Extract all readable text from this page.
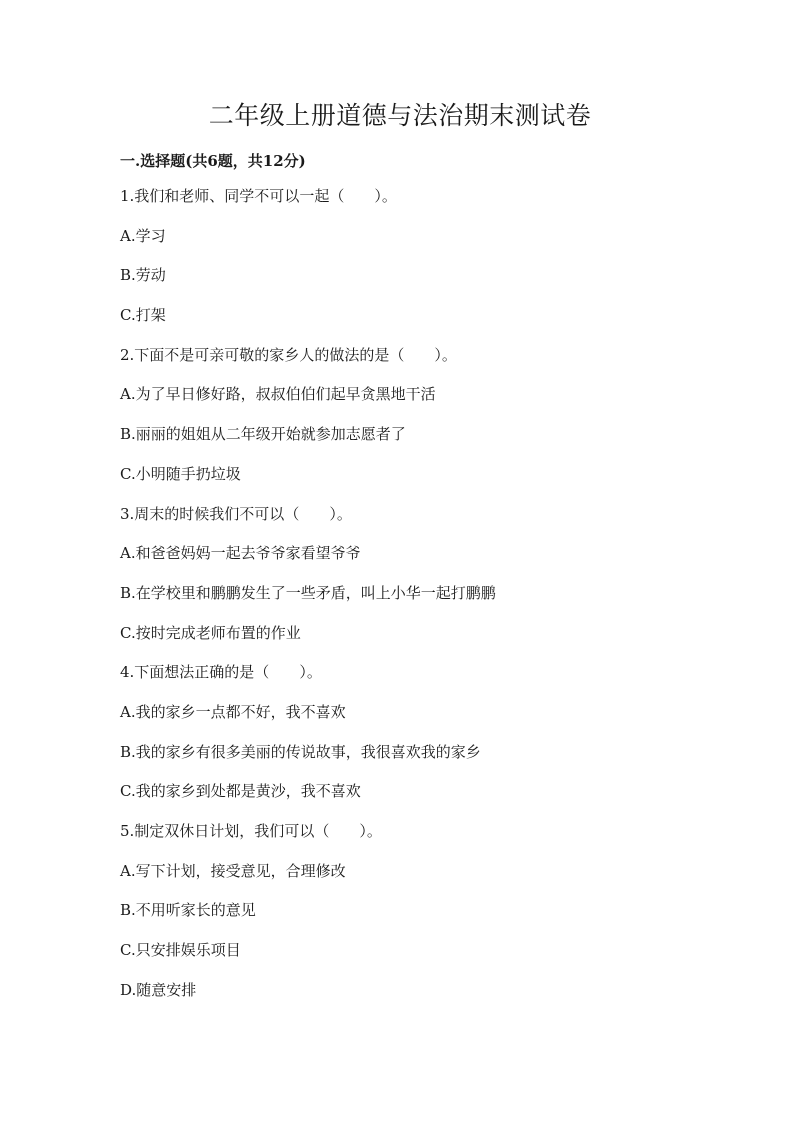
二年级上册道德与法治期末测试卷
一.选择题(共6题，共12分)
1.我们和老师、同学不可以一起（　　）。
A.学习
B.劳动
C.打架
2.下面不是可亲可敬的家乡人的做法的是（　　）。
A.为了早日修好路，叔叔伯伯们起早贪黑地干活
B.丽丽的姐姐从二年级开始就参加志愿者了
C.小明随手扔垃圾
3.周末的时候我们不可以（　　）。
A.和爸爸妈妈一起去爷爷家看望爷爷
B.在学校里和鹏鹏发生了一些矛盾，叫上小华一起打鹏鹏
C.按时完成老师布置的作业
4.下面想法正确的是（　　）。
A.我的家乡一点都不好，我不喜欢
B.我的家乡有很多美丽的传说故事，我很喜欢我的家乡
C.我的家乡到处都是黄沙，我不喜欢
5.制定双休日计划，我们可以（　　）。
A.写下计划，接受意见，合理修改
B.不用听家长的意见
C.只安排娱乐项目
D.随意安排
